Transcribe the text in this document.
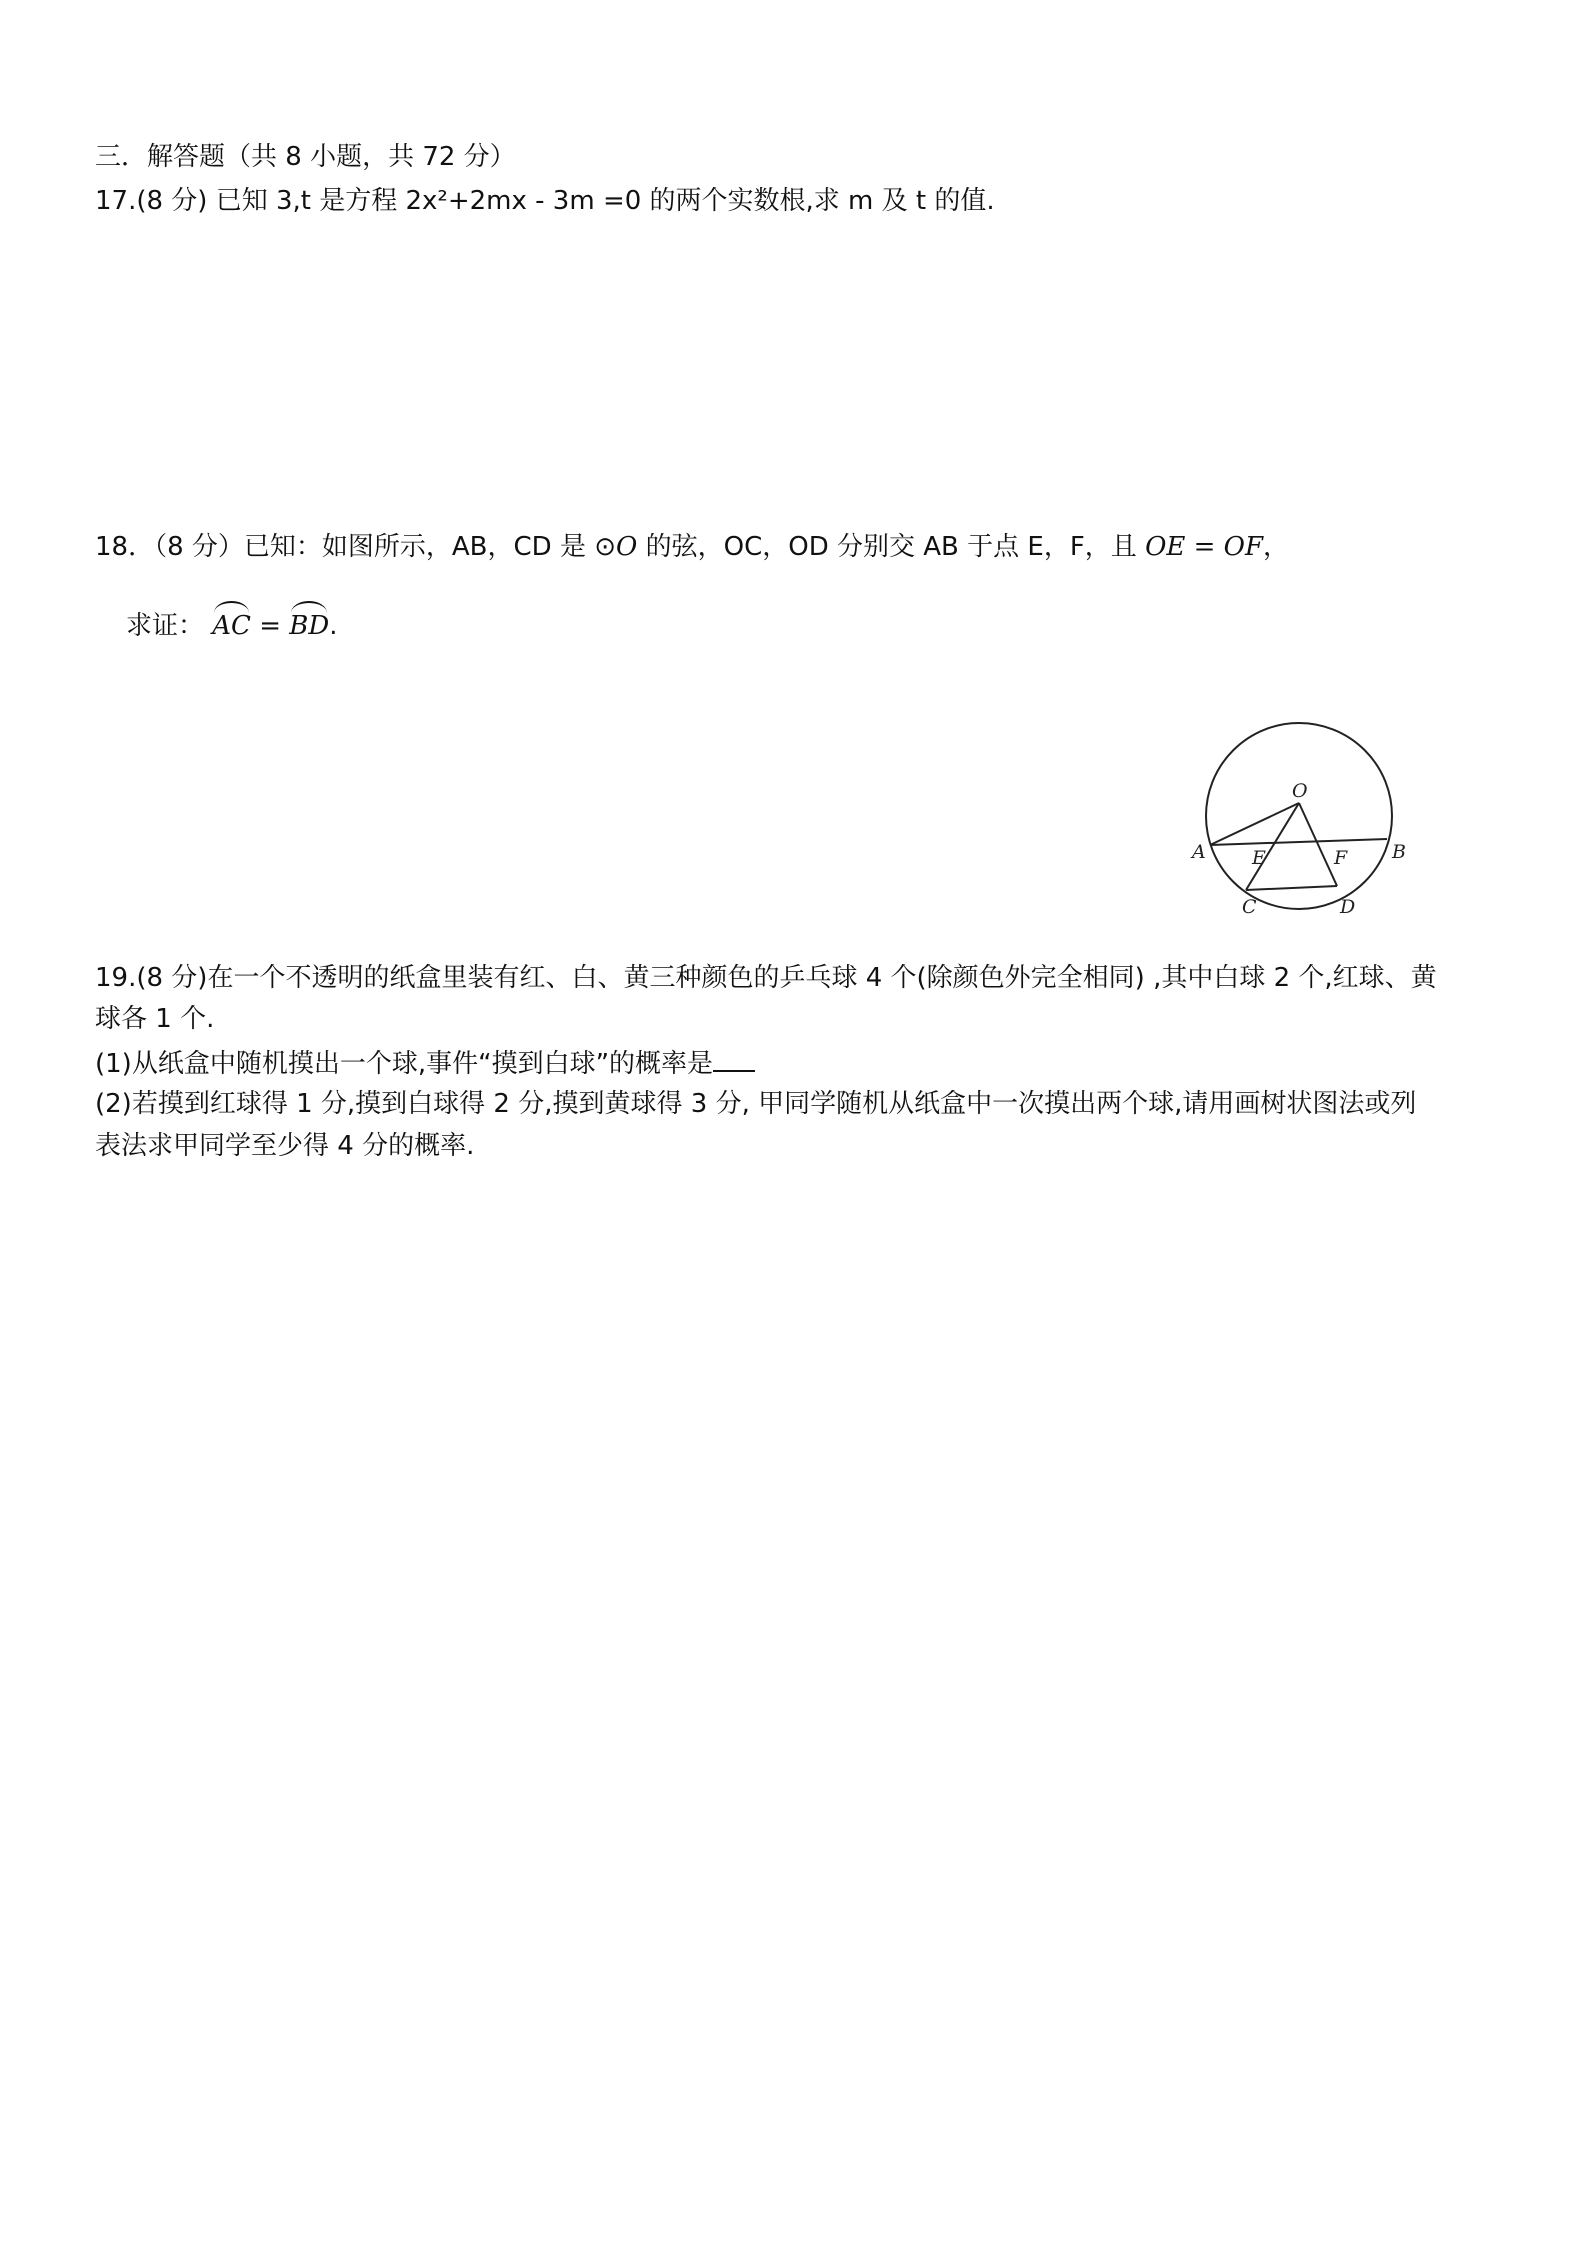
三．解答题（共 8 小题，共 72 分）
17.(8 分) 已知 3,t 是方程 2x²+2mx - 3m =0 的两个实数根,求 m 及 t 的值.
18．（8 分）已知：如图所示，AB，CD 是 ⊙O 的弦，OC，OD 分别交 AB 于点 E，F，且 OE = OF，
求证： AC = BD.
O
A	B
E	F
C	D
19.(8 分)在一个不透明的纸盒里装有红、白、黄三种颜色的乒乓球 4 个(除颜色外完全相同) ,其中白球 2 个,红球、黄
球各 1 个.
(1)从纸盒中随机摸出一个球,事件“摸到白球”的概率是
(2)若摸到红球得 1 分,摸到白球得 2 分,摸到黄球得 3 分, 甲同学随机从纸盒中一次摸出两个球,请用画树状图法或列
表法求甲同学至少得 4 分的概率.
